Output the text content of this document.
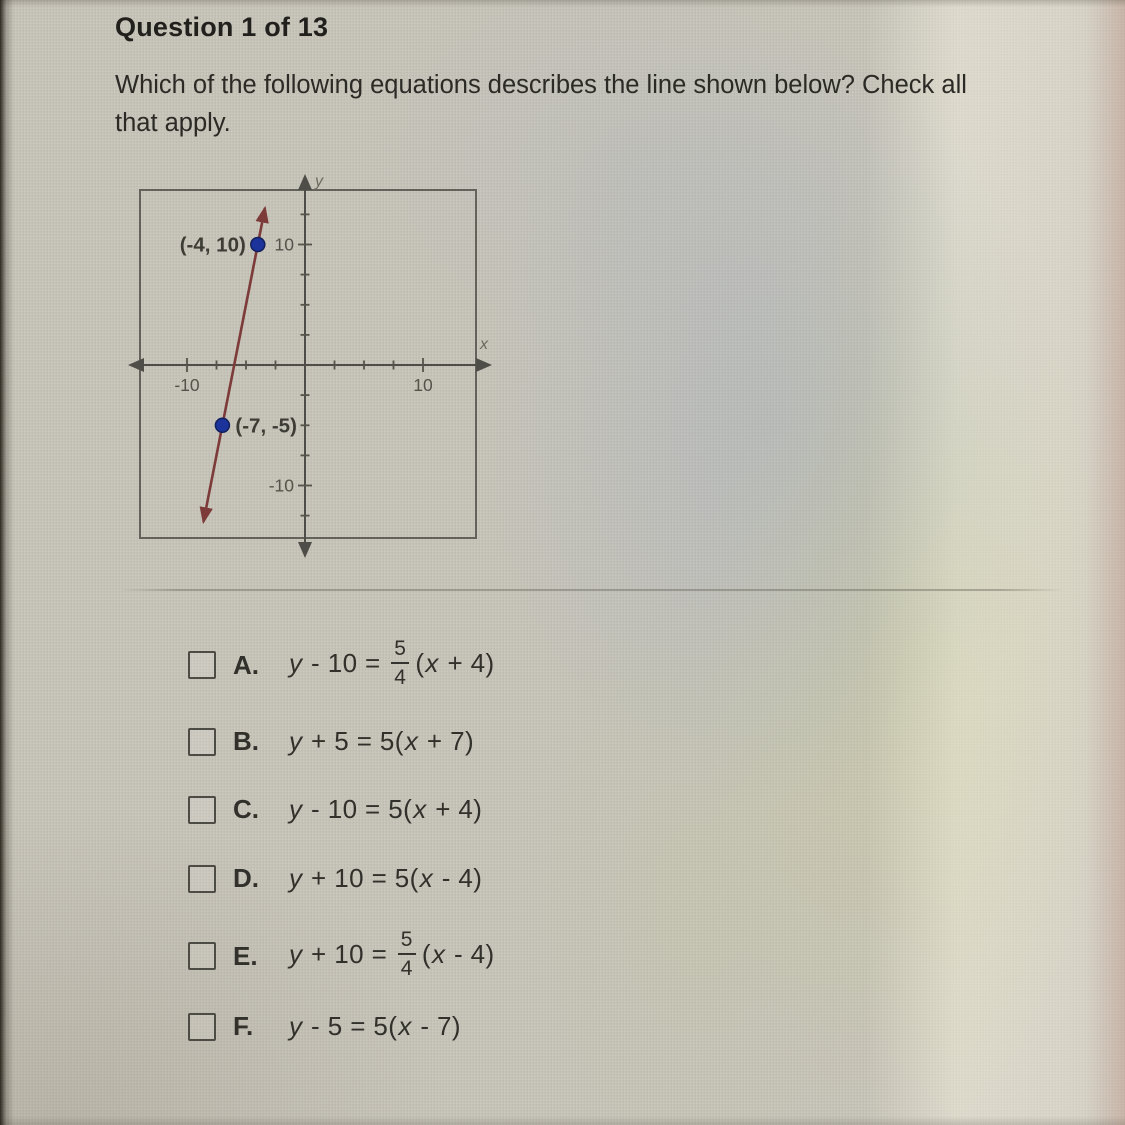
Question 1 of 13
Which of the following equations describes the line shown below? Check all
that apply.
-10	10
10
-10
y
x
(-4, 10)
(-7, -5)
A.	$y - 10 = \frac{5}{4} (x + 4)$
B.	y + 5 = 5(x + 7)
C.	y - 10 = 5(x + 4)
D.	y + 10 = 5(x - 4)
E.	$y + 10 = \frac{5}{4} (x - 4)$
F.	y - 5 = 5(x - 7)
